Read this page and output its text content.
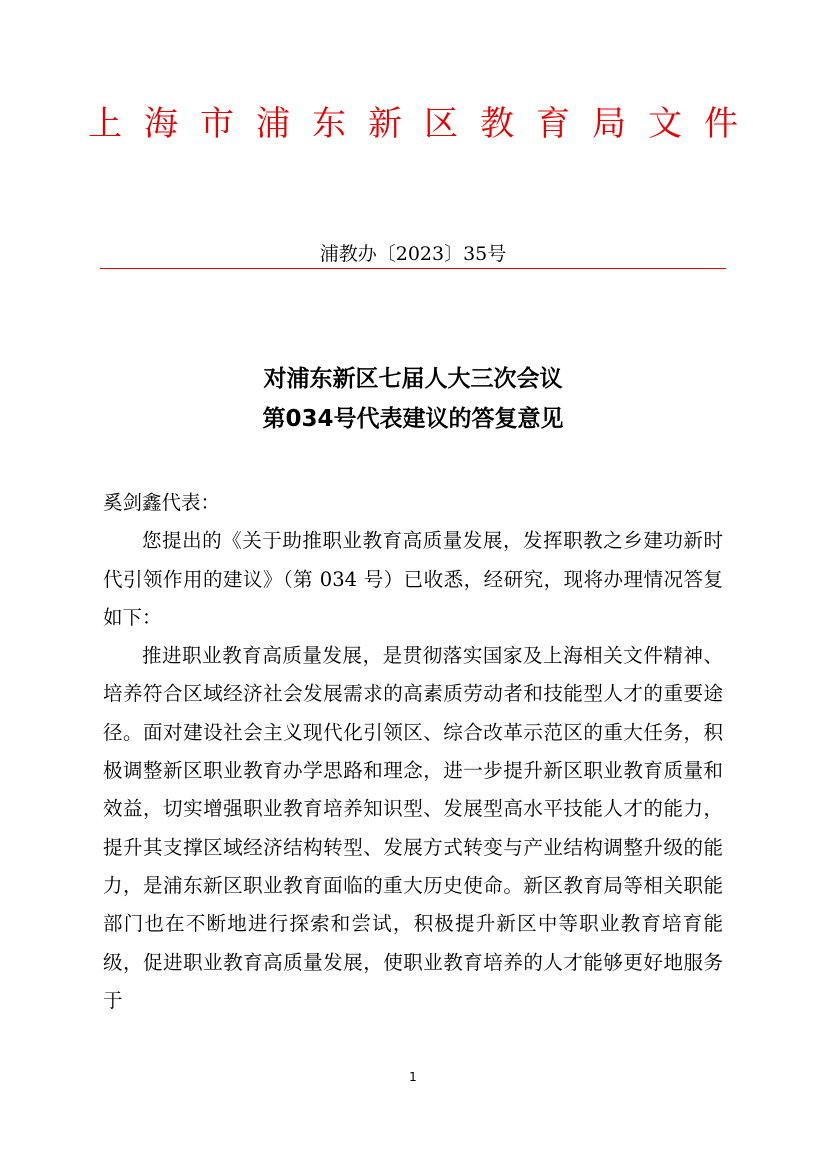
上海市浦东新区教育局文件
浦教办〔2023〕35号
对浦东新区七届人大三次会议
第034号代表建议的答复意见

奚剑鑫代表：

您提出的《关于助推职业教育高质量发展，发挥职教之乡建功新时代引领作用的建议》（第 034 号）已收悉，经研究，现将办理情况答复如下：

推进职业教育高质量发展，是贯彻落实国家及上海相关文件精神、培养符合区域经济社会发展需求的高素质劳动者和技能型人才的重要途径。面对建设社会主义现代化引领区、综合改革示范区的重大任务，积极调整新区职业教育办学思路和理念，进一步提升新区职业教育质量和效益，切实增强职业教育培养知识型、发展型高水平技能人才的能力，提升其支撑区域经济结构转型、发展方式转变与产业结构调整升级的能力，是浦东新区职业教育面临的重大历史使命。新区教育局等相关职能部门也在不断地进行探索和尝试，积极提升新区中等职业教育培育能级，促进职业教育高质量发展，使职业教育培养的人才能够更好地服务于

1
